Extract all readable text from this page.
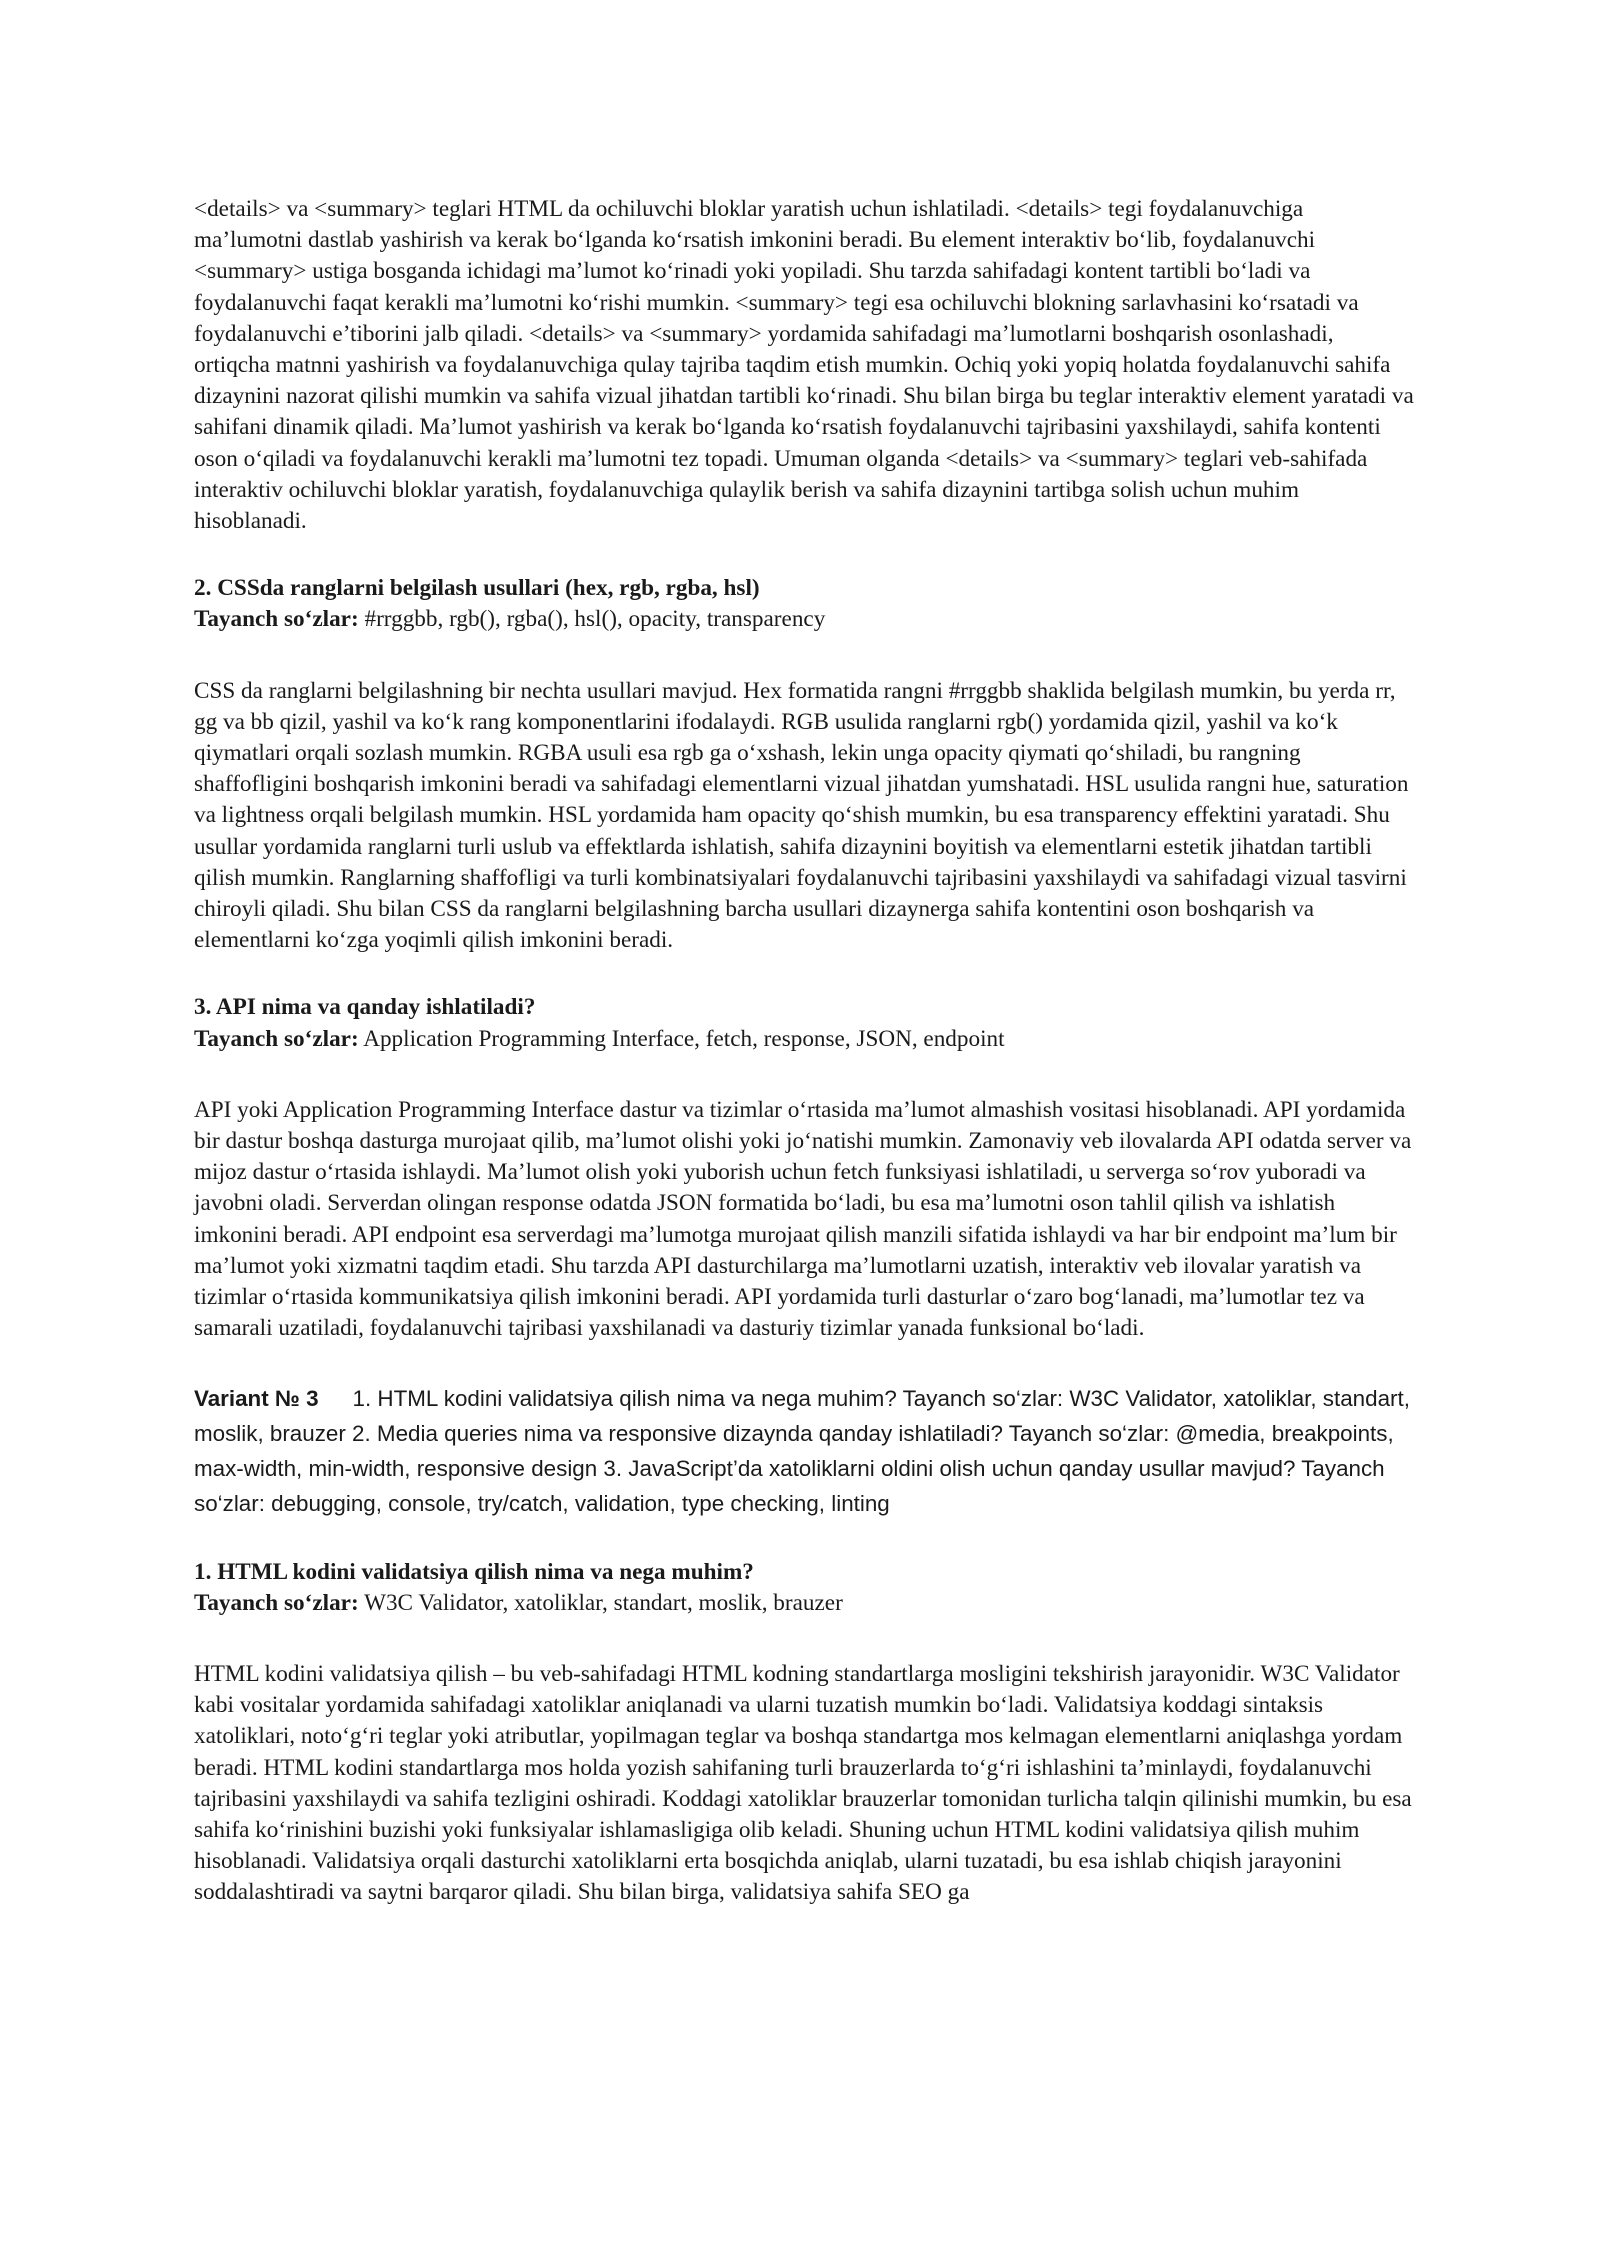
<details> va <summary> teglari HTML da ochiluvchi bloklar yaratish uchun ishlatiladi. <details> tegi foydalanuvchiga ma’lumotni dastlab yashirish va kerak bo‘lganda ko‘rsatish imkonini beradi. Bu element interaktiv bo‘lib, foydalanuvchi <summary> ustiga bosganda ichidagi ma’lumot ko‘rinadi yoki yopiladi. Shu tarzda sahifadagi kontent tartibli bo‘ladi va foydalanuvchi faqat kerakli ma’lumotni ko‘rishi mumkin. <summary> tegi esa ochiluvchi blokning sarlavhasini ko‘rsatadi va foydalanuvchi e’tiborini jalb qiladi. <details> va <summary> yordamida sahifadagi ma’lumotlarni boshqarish osonlashadi, ortiqcha matnni yashirish va foydalanuvchiga qulay tajriba taqdim etish mumkin. Ochiq yoki yopiq holatda foydalanuvchi sahifa dizaynini nazorat qilishi mumkin va sahifa vizual jihatdan tartibli ko‘rinadi. Shu bilan birga bu teglar interaktiv element yaratadi va sahifani dinamik qiladi. Ma’lumot yashirish va kerak bo‘lganda ko‘rsatish foydalanuvchi tajribasini yaxshilaydi, sahifa kontenti oson o‘qiladi va foydalanuvchi kerakli ma’lumotni tez topadi. Umuman olganda <details> va <summary> teglari veb-sahifada interaktiv ochiluvchi bloklar yaratish, foydalanuvchiga qulaylik berish va sahifa dizaynini tartibga solish uchun muhim hisoblanadi.

2. CSSda ranglarni belgilash usullari (hex, rgb, rgba, hsl)

Tayanch so‘zlar: #rrggbb, rgb(), rgba(), hsl(), opacity, transparency

CSS da ranglarni belgilashning bir nechta usullari mavjud. Hex formatida rangni #rrggbb shaklida belgilash mumkin, bu yerda rr, gg va bb qizil, yashil va ko‘k rang komponentlarini ifodalaydi. RGB usulida ranglarni rgb() yordamida qizil, yashil va ko‘k qiymatlari orqali sozlash mumkin. RGBA usuli esa rgb ga o‘xshash, lekin unga opacity qiymati qo‘shiladi, bu rangning shaffofligini boshqarish imkonini beradi va sahifadagi elementlarni vizual jihatdan yumshatadi. HSL usulida rangni hue, saturation va lightness orqali belgilash mumkin. HSL yordamida ham opacity qo‘shish mumkin, bu esa transparency effektini yaratadi. Shu usullar yordamida ranglarni turli uslub va effektlarda ishlatish, sahifa dizaynini boyitish va elementlarni estetik jihatdan tartibli qilish mumkin. Ranglarning shaffofligi va turli kombinatsiyalari foydalanuvchi tajribasini yaxshilaydi va sahifadagi vizual tasvirni chiroyli qiladi. Shu bilan CSS da ranglarni belgilashning barcha usullari dizaynerga sahifa kontentini oson boshqarish va elementlarni ko‘zga yoqimli qilish imkonini beradi.

3. API nima va qanday ishlatiladi?

Tayanch so‘zlar: Application Programming Interface, fetch, response, JSON, endpoint

API yoki Application Programming Interface dastur va tizimlar o‘rtasida ma’lumot almashish vositasi hisoblanadi. API yordamida bir dastur boshqa dasturga murojaat qilib, ma’lumot olishi yoki jo‘natishi mumkin. Zamonaviy veb ilovalarda API odatda server va mijoz dastur o‘rtasida ishlaydi. Ma’lumot olish yoki yuborish uchun fetch funksiyasi ishlatiladi, u serverga so‘rov yuboradi va javobni oladi. Serverdan olingan response odatda JSON formatida bo‘ladi, bu esa ma’lumotni oson tahlil qilish va ishlatish imkonini beradi. API endpoint esa serverdagi ma’lumotga murojaat qilish manzili sifatida ishlaydi va har bir endpoint ma’lum bir ma’lumot yoki xizmatni taqdim etadi. Shu tarzda API dasturchilarga ma’lumotlarni uzatish, interaktiv veb ilovalar yaratish va tizimlar o‘rtasida kommunikatsiya qilish imkonini beradi. API yordamida turli dasturlar o‘zaro bog‘lanadi, ma’lumotlar tez va samarali uzatiladi, foydalanuvchi tajribasi yaxshilanadi va dasturiy tizimlar yanada funksional bo‘ladi.

Variant № 3 1. HTML kodini validatsiya qilish nima va nega muhim? Tayanch so‘zlar: W3C Validator, xatoliklar, standart, moslik, brauzer 2. Media queries nima va responsive dizaynda qanday ishlatiladi? Tayanch so‘zlar: @media, breakpoints, max-width, min-width, responsive design 3. JavaScript’da xatoliklarni oldini olish uchun qanday usullar mavjud? Tayanch so‘zlar: debugging, console, try/catch, validation, type checking, linting

1. HTML kodini validatsiya qilish nima va nega muhim?

Tayanch so‘zlar: W3C Validator, xatoliklar, standart, moslik, brauzer

HTML kodini validatsiya qilish – bu veb-sahifadagi HTML kodning standartlarga mosligini tekshirish jarayonidir. W3C Validator kabi vositalar yordamida sahifadagi xatoliklar aniqlanadi va ularni tuzatish mumkin bo‘ladi. Validatsiya koddagi sintaksis xatoliklari, noto‘g‘ri teglar yoki atributlar, yopilmagan teglar va boshqa standartga mos kelmagan elementlarni aniqlashga yordam beradi. HTML kodini standartlarga mos holda yozish sahifaning turli brauzerlarda to‘g‘ri ishlashini ta’minlaydi, foydalanuvchi tajribasini yaxshilaydi va sahifa tezligini oshiradi. Koddagi xatoliklar brauzerlar tomonidan turlicha talqin qilinishi mumkin, bu esa sahifa ko‘rinishini buzishi yoki funksiyalar ishlamasligiga olib keladi. Shuning uchun HTML kodini validatsiya qilish muhim hisoblanadi. Validatsiya orqali dasturchi xatoliklarni erta bosqichda aniqlab, ularni tuzatadi, bu esa ishlab chiqish jarayonini soddalashtiradi va saytni barqaror qiladi. Shu bilan birga, validatsiya sahifa SEO ga
